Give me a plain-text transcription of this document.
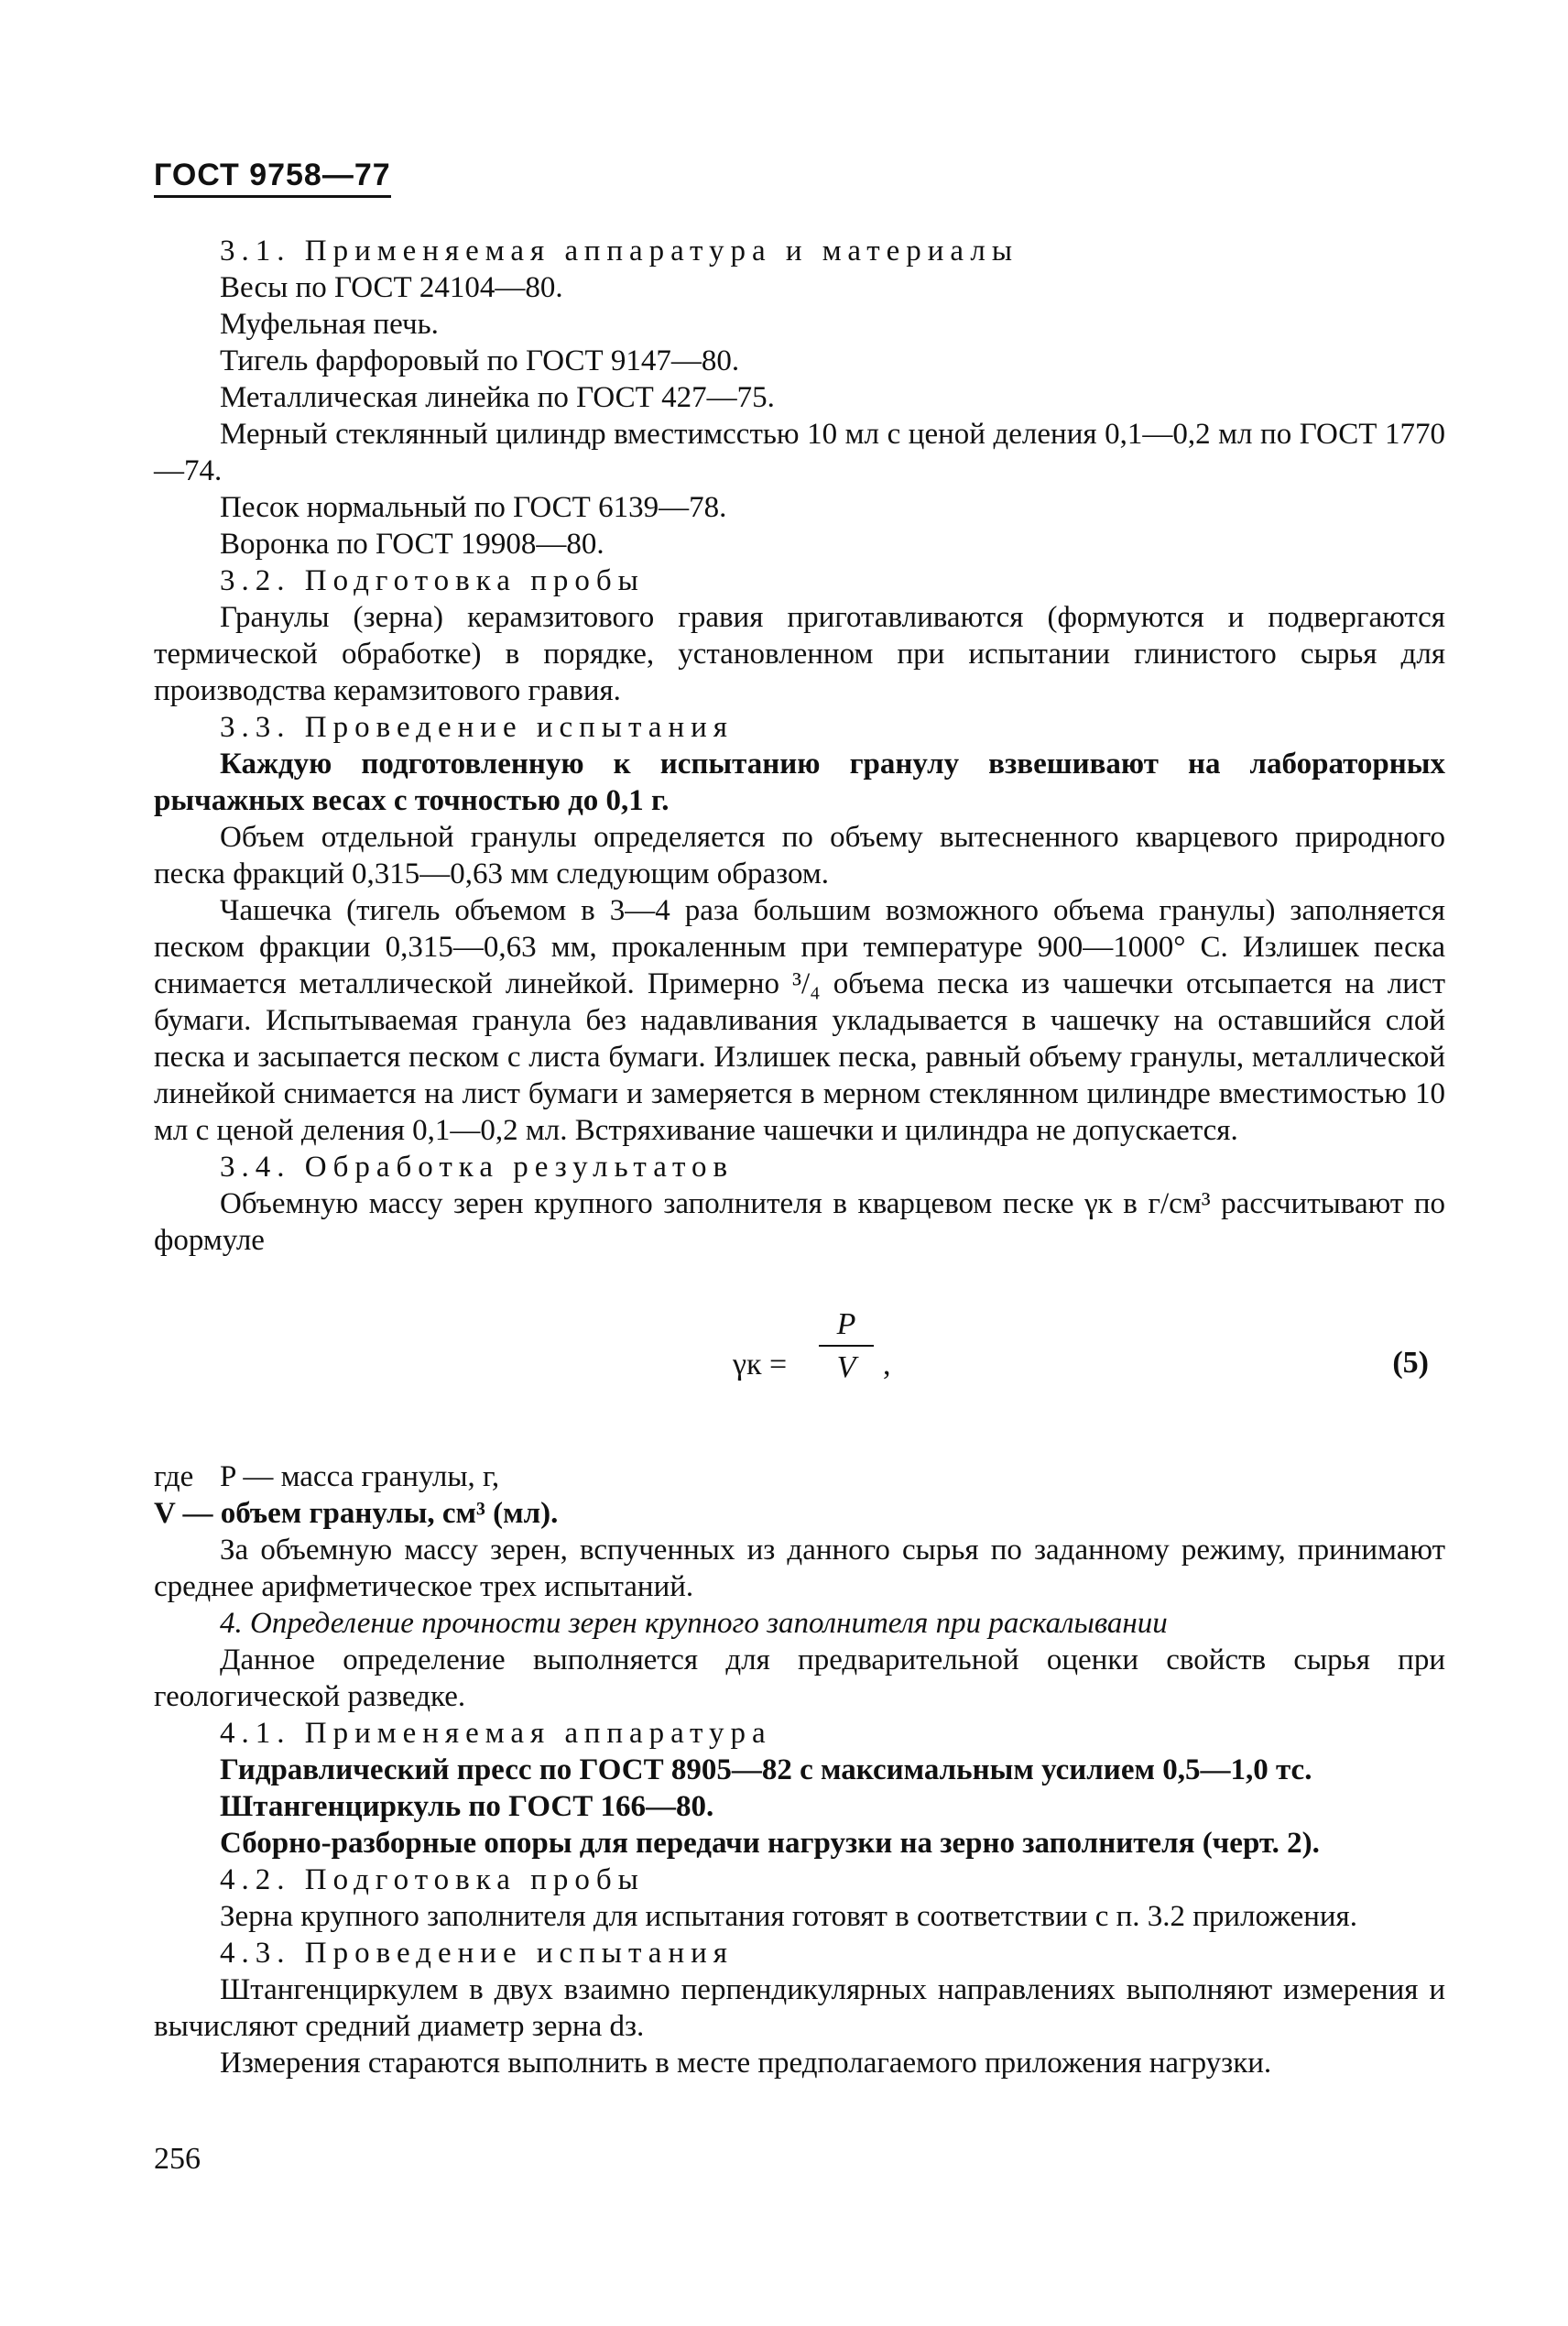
ГОСТ 9758—77

3.1. Применяемая аппаратура и материалы

Весы по ГОСТ 24104—80.

Муфельная печь.

Тигель фарфоровый по ГОСТ 9147—80.

Металлическая линейка по ГОСТ 427—75.

Мерный стеклянный цилиндр вместимсстью 10 мл с ценой деления 0,1—0,2 мл по ГОСТ 1770—74.

Песок нормальный по ГОСТ 6139—78.

Воронка по ГОСТ 19908—80.

3.2. Подготовка пробы

Гранулы (зерна) керамзитового гравия приготавливаются (формуются и подвергаются термической обработке) в порядке, установленном при испытании глинистого сырья для производства керамзитового гравия.

3.3. Проведение испытания

Каждую подготовленную к испытанию гранулу взвешивают на лабораторных рычажных весах с точностью до 0,1 г.

Объем отдельной гранулы определяется по объему вытесненного кварцевого природного песка фракций 0,315—0,63 мм следующим образом.

Чашечка (тигель объемом в 3—4 раза большим возможного объема гранулы) заполняется песком фракции 0,315—0,63 мм, прокаленным при температуре 900—1000° С. Излишек песка снимается металлической линейкой. Примерно ³/₄ объема песка из чашечки отсыпается на лист бумаги. Испытываемая гранула без надавливания укладывается в чашечку на оставшийся слой песка и засыпается песком с листа бумаги. Излишек песка, равный объему гранулы, металлической линейкой снимается на лист бумаги и замеряется в мерном стеклянном цилиндре вместимостью 10 мл с ценой деления 0,1—0,2 мл. Встряхивание чашечки и цилиндра не допускается.

3.4. Обработка результатов

Объемную массу зерен крупного заполнителя в кварцевом песке γк в г/см³ рассчитывают по формуле

$\gamma к = \frac{P}{V}$ ,	(5)
где P — масса гранулы, г,

V — объем гранулы, см³ (мл).

За объемную массу зерен, вспученных из данного сырья по заданному режиму, принимают среднее арифметическое трех испытаний.

4. Определение прочности зерен крупного заполнителя при раскалывании

Данное определение выполняется для предварительной оценки свойств сырья при геологической разведке.

4.1. Применяемая аппаратура

Гидравлический пресс по ГОСТ 8905—82 с максимальным усилием 0,5—1,0 тс.

Штангенциркуль по ГОСТ 166—80.

Сборно-разборные опоры для передачи нагрузки на зерно заполнителя (черт. 2).

4.2. Подготовка пробы

Зерна крупного заполнителя для испытания готовят в соответствии с п. 3.2 приложения.

4.3. Проведение испытания

Штангенциркулем в двух взаимно перпендикулярных направлениях выполняют измерения и вычисляют средний диаметр зерна dз.

Измерения стараются выполнить в месте предполагаемого приложения нагрузки.

256
